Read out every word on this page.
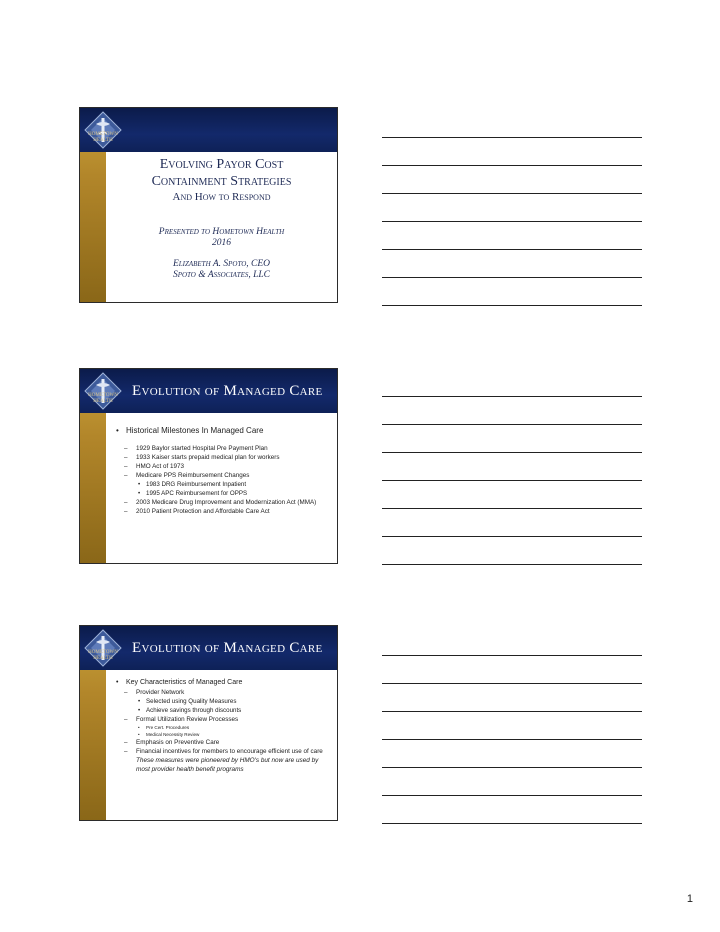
HOMETOWN
HEALTH
Evolving Payor Cost
Containment Strategies
And How to Respond
Presented to Hometown Health
2016
Elizabeth A. Spoto, CEO
Spoto & Associates, LLC
HOMETOWN
HEALTH
Evolution of Managed Care
• Historical Milestones In Managed Care
– 1929 Baylor started Hospital Pre Payment Plan
– 1933 Kaiser starts prepaid medical plan for workers
– HMO Act of 1973
– Medicare PPS Reimbursement Changes
• 1983 DRG Reimbursement Inpatient
• 1995 APC Reimbursement for OPPS
– 2003 Medicare Drug Improvement and Modernization Act (MMA)
– 2010 Patient Protection and Affordable Care Act
HOMETOWN
HEALTH
Evolution of Managed Care
• Key Characteristics of Managed Care
– Provider Network
• Selected using Quality Measures
• Achieve savings through discounts
– Formal Utilization Review Processes
• Pre Cert. Procedures
• Medical Necessity Review
– Emphasis on Preventive Care
– Financial incentives for members to encourage efficient use of care
These measures were pioneered by HMO's but now are used by most provider health benefit programs
1
